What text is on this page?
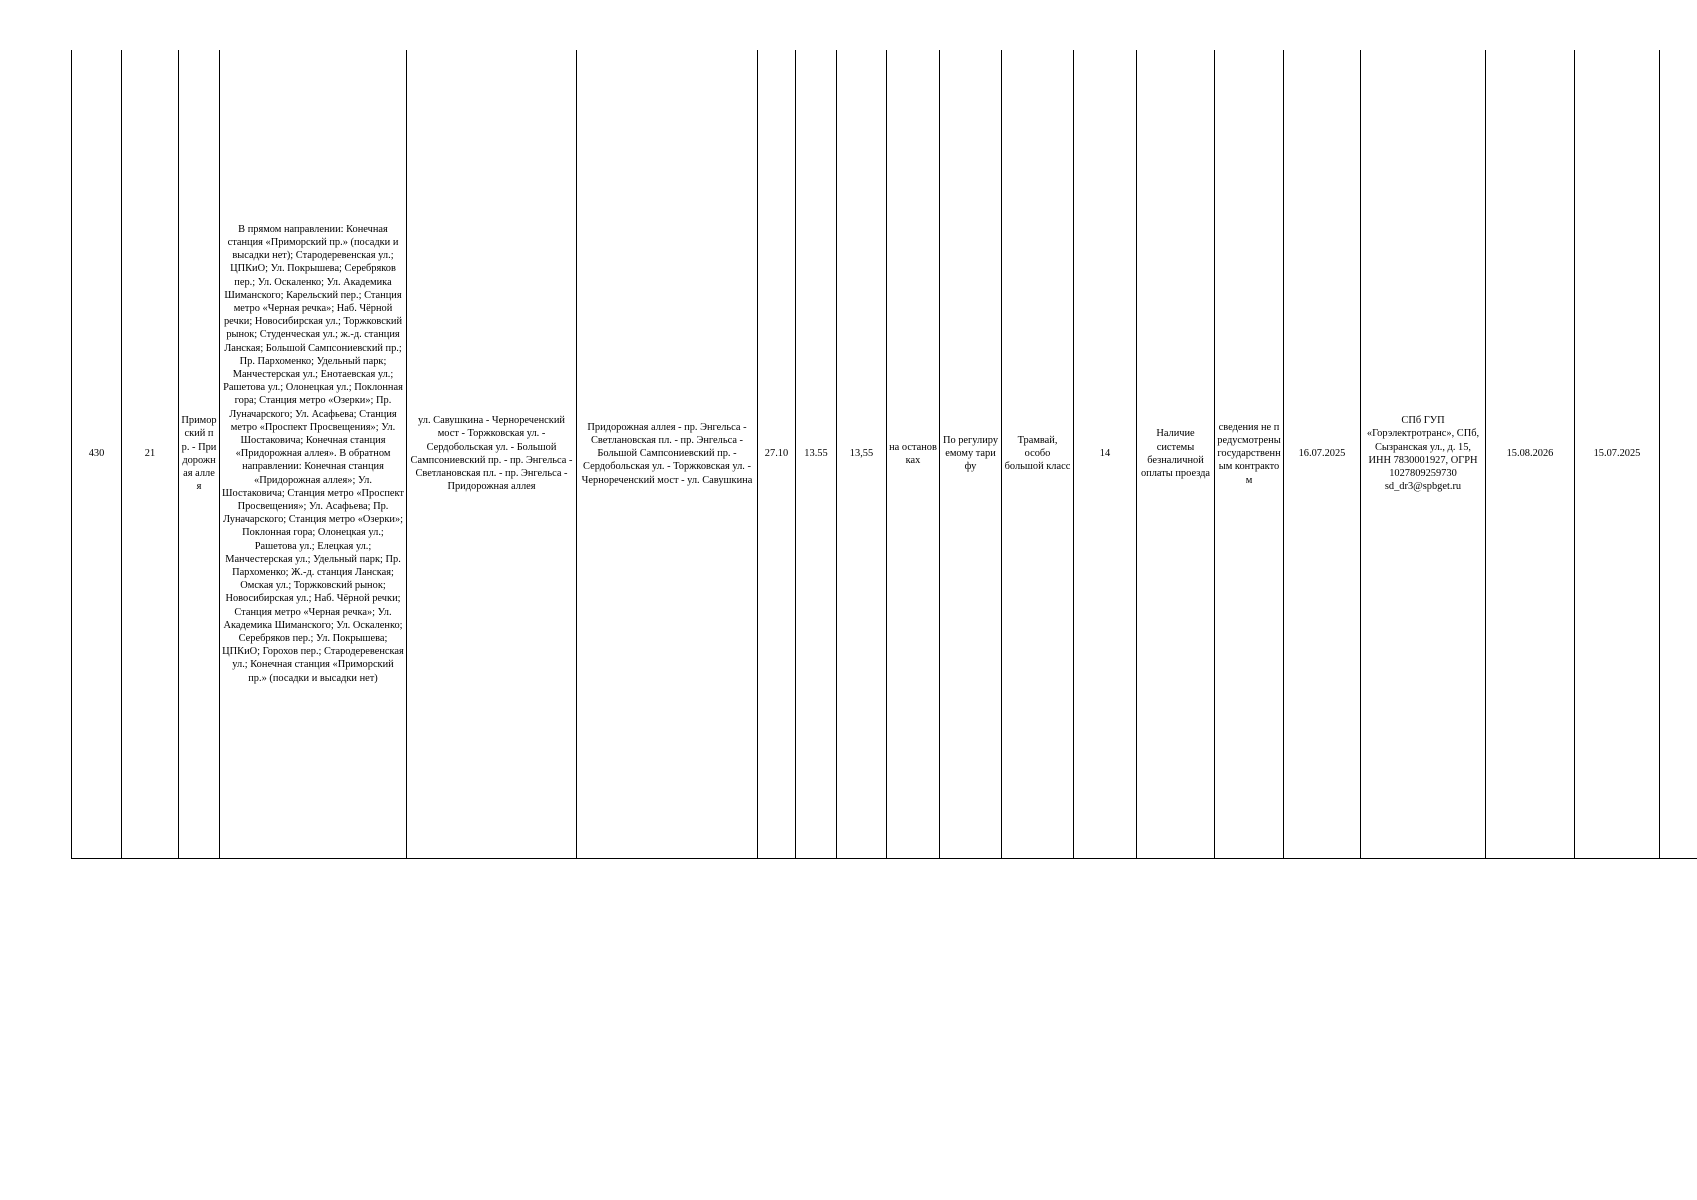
430	21	Приморский пр. - Придорожная аллея	В прямом направлении: Конечная станция «Приморский пр.» (посадки и высадки нет); Стародеревенская ул.; ЦПКиО; Ул. Покрышева; Серебряков пер.; Ул. Оскаленко; Ул. Академика Шиманского; Карельский пер.; Станция метро «Черная речка»; Наб. Чёрной речки; Новосибирская ул.; Торжковский рынок; Студенческая ул.; ж.-д. станция Ланская; Большой Сампсониевский пр.; Пр. Пархоменко; Удельный парк; Манчестерская ул.; Енотаевская ул.; Рашетова ул.; Олонецкая ул.; Поклонная гора; Станция метро «Озерки»; Пр. Луначарского; Ул. Асафьева; Станция метро «Проспект Просвещения»; Ул. Шостаковича; Конечная станция «Придорожная аллея». В обратном направлении: Конечная станция «Придорожная аллея»; Ул. Шостаковича; Станция метро «Проспект Просвещения»; Ул. Асафьева; Пр. Луначарского; Станция метро «Озерки»; Поклонная гора; Олонецкая ул.; Рашетова ул.; Елецкая ул.; Манчестерская ул.; Удельный парк; Пр. Пархоменко; Ж.-д. станция Ланская; Омская ул.; Торжковский рынок; Новосибирская ул.; Наб. Чёрной речки; Станция метро «Черная речка»; Ул. Академика Шиманского; Ул. Оскаленко; Серебряков пер.; Ул. Покрышева; ЦПКиО; Горохов пер.; Стародеревенская ул.; Конечная станция «Приморский пр.» (посадки и высадки нет)	ул. Савушкина - Чернореченский мост - Торжковская ул. - Сердобольская ул. - Большой Сампсониевский пр. - пр. Энгельса - Светлановская пл. - пр. Энгельса - Придорожная аллея	Придорожная аллея - пр. Энгельса - Светлановская пл. - пр. Энгельса - Большой Сампсониевский пр. - Сердобольская ул. - Торжковская ул. - Чернореченский мост - ул. Савушкина	27.10	13.55	13,55	на остановках	По регулируемому тарифу	Трамвай, особо большой класс	14	Наличие системы безналичной оплаты проезда	сведения не предусмотрены государственным контрактом	16.07.2025	СПб ГУП «Горэлектротранс», СПб, Сызранская ул., д. 15, ИНН 7830001927, ОГРН 1027809259730 sd_dr3@spbget.ru	15.08.2026	15.07.2025	
